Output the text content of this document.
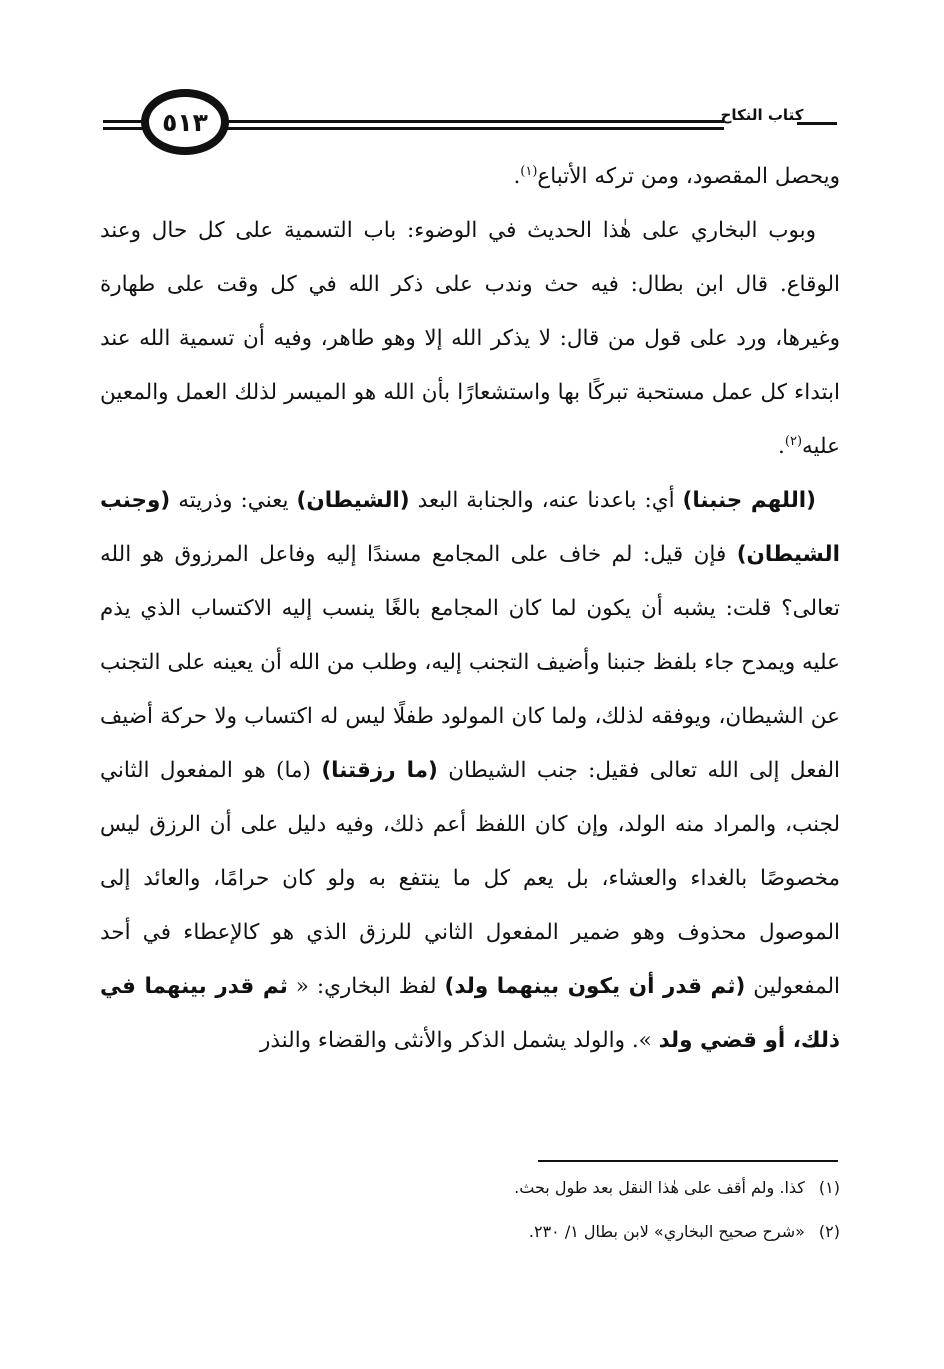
٥١٣	كتاب النكاح

ويحصل المقصود، ومن تركه الأتباع$^{(١)}$.

وبوب البخاري على هٰذا الحديث في الوضوء: باب التسمية على كل حال وعند الوقاع. قال ابن بطال: فيه حث وندب على ذكر الله في كل وقت على طهارة وغيرها، ورد على قول من قال: لا يذكر الله إلا وهو طاهر، وفيه أن تسمية الله عند ابتداء كل عمل مستحبة تبركًا بها واستشعارًا بأن الله هو الميسر لذلك العمل والمعين عليه$^{(٢)}$.

(اللهم جنبنا) أي: باعدنا عنه، والجنابة البعد (الشيطان) يعني: وذريته (وجنب الشيطان) فإن قيل: لم خاف على المجامع مسندًا إليه وفاعل المرزوق هو الله تعالى؟ قلت: يشبه أن يكون لما كان المجامع بالغًا ينسب إليه الاكتساب الذي يذم عليه ويمدح جاء بلفظ جنبنا وأضيف التجنب إليه، وطلب من الله أن يعينه على التجنب عن الشيطان، ويوفقه لذلك، ولما كان المولود طفلًا ليس له اكتساب ولا حركة أضيف الفعل إلى الله تعالى فقيل: جنب الشيطان (ما رزقتنا) (ما) هو المفعول الثاني لجنب، والمراد منه الولد، وإن كان اللفظ أعم ذلك، وفيه دليل على أن الرزق ليس مخصوصًا بالغداء والعشاء، بل يعم كل ما ينتفع به ولو كان حرامًا، والعائد إلى الموصول محذوف وهو ضمير المفعول الثاني للرزق الذي هو كالإعطاء في أحد المفعولين (ثم قدر أن يكون بينهما ولد) لفظ البخاري: « ثم قدر بينهما في ذلك، أو قضي ولد ». والولد يشمل الذكر والأنثى والقضاء والنذر

(١)كذا. ولم أقف على هٰذا النقل بعد طول بحث.
(٢)«شرح صحيح البخاري» لابن بطال ١/ ٢٣٠.
